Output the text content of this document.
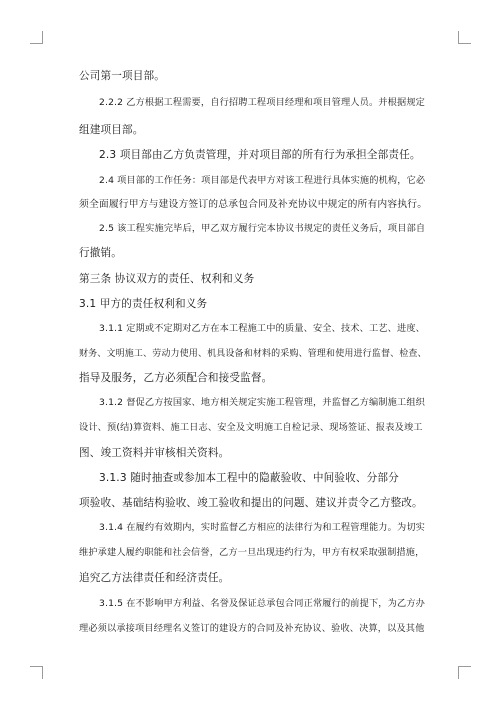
公司第一项目部。
2.2.2 乙方根据工程需要，自行招聘工程项目经理和项目管理人员。并根据规定
组建项目部。
2.3 项目部由乙方负责管理，并对项目部的所有行为承担全部责任。
2.4 项目部的工作任务：项目部是代表甲方对该工程进行具体实施的机构，它必
须全面履行甲方与建设方签订的总承包合同及补充协议中规定的所有内容执行。
2.5 该工程实施完毕后，甲乙双方履行完本协议书规定的责任义务后，项目部自
行撤销。
第三条 协议双方的责任、权利和义务
3.1 甲方的责任权利和义务
3.1.1 定期或不定期对乙方在本工程施工中的质量、安全、技术、工艺、进度、
财务、文明施工、劳动力使用、机具设备和材料的采购、管理和使用进行监督、检查、
指导及服务，乙方必须配合和接受监督。
3.1.2 督促乙方按国家、地方相关规定实施工程管理，并监督乙方编制施工组织
设计、预(结)算资料、施工日志、安全及文明施工自检记录、现场签证、报表及竣工
图、竣工资料并审核相关资料。
3.1.3 随时抽查或参加本工程中的隐蔽验收、中间验收、分部分
项验收、基础结构验收、竣工验收和提出的问题、建议并责令乙方整改。
3.1.4 在履约有效期内，实时监督乙方相应的法律行为和工程管理能力。为切实
维护承建人履约职能和社会信誉，乙方一旦出现违约行为，甲方有权采取强制措施，
追究乙方法律责任和经济责任。
3.1.5 在不影响甲方利益、名誉及保证总承包合同正常履行的前提下，为乙方办
理必须以承接项目经理名义签订的建设方的合同及补充协议、验收、决算，以及其他
